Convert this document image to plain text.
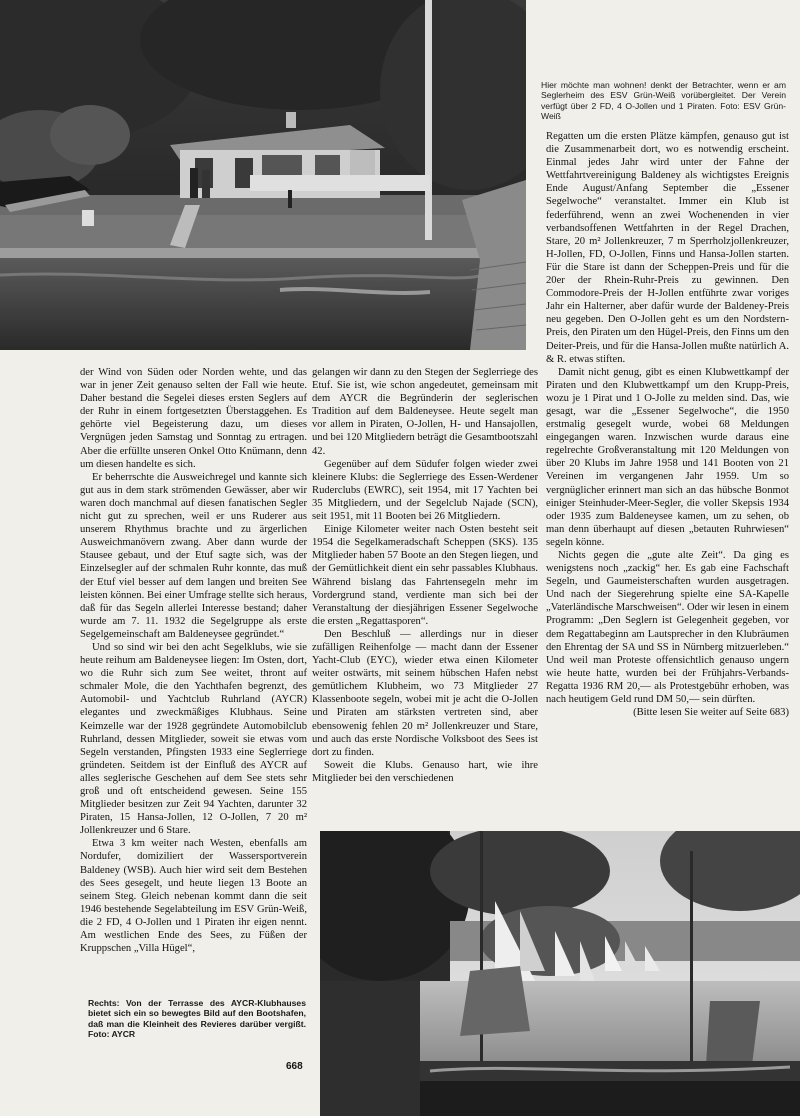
Hier möchte man wohnen! denkt der Betrachter, wenn er am Seglerheim des ESV Grün-Weiß vorübergleitet. Der Verein verfügt über 2 FD, 4 O-Jollen und 1 Piraten. Foto: ESV Grün-Weiß

der Wind von Süden oder Norden wehte, und das war in jener Zeit genauso selten der Fall wie heute. Daher bestand die Segelei dieses ersten Seglers auf der Ruhr in einem fortgesetzten Überstaggehen. Es gehörte viel Begeisterung dazu, um dieses Vergnügen jeden Samstag und Sonntag zu ertragen. Aber die erfüllte unseren Onkel Otto Knümann, denn um diesen handelte es sich.

Er beherrschte die Ausweichregel und kannte sich gut aus in dem stark strömenden Gewässer, aber wir waren doch manchmal auf diesen fanatischen Segler nicht gut zu sprechen, weil er uns Ruderer aus unserem Rhythmus brachte und zu ärgerlichen Ausweichmanövern zwang. Aber dann wurde der Stausee gebaut, und der Etuf sagte sich, was der Einzelsegler auf der schmalen Ruhr konnte, das muß der Etuf viel besser auf dem langen und breiten See leisten können. Bei einer Umfrage stellte sich heraus, daß für das Segeln allerlei Interesse bestand; daher wurde am 7. 11. 1932 die Segelgruppe als erste Segelgemeinschaft am Baldeneysee gegründet.“

Und so sind wir bei den acht Segelklubs, wie sie heute reihum am Baldeneysee liegen: Im Osten, dort, wo die Ruhr sich zum See weitet, thront auf schmaler Mole, die den Yachthafen begrenzt, des Automobil- und Yachtclub Ruhrland (AYCR) elegantes und zweckmäßiges Klubhaus. Seine Keimzelle war der 1928 gegründete Automobilclub Ruhrland, dessen Mitglieder, soweit sie etwas vom Segeln verstanden, Pfingsten 1933 eine Seglerriege gründeten. Seitdem ist der Einfluß des AYCR auf alles seglerische Geschehen auf dem See stets sehr groß und oft entscheidend gewesen. Seine 155 Mitglieder besitzen zur Zeit 94 Yachten, darunter 32 Piraten, 15 Hansa-Jollen, 12 O-Jollen, 7 20 m² Jollenkreuzer und 6 Stare.

Etwa 3 km weiter nach Westen, ebenfalls am Nordufer, domiziliert der Wassersportverein Baldeney (WSB). Auch hier wird seit dem Bestehen des Sees gesegelt, und heute liegen 13 Boote an seinem Steg. Gleich nebenan kommt dann die seit 1946 bestehende Segelabteilung im ESV Grün-Weiß, die 2 FD, 4 O-Jollen und 1 Piraten ihr eigen nennt. Am westlichen Ende des Sees, zu Füßen der Kruppschen „Villa Hügel“,

gelangen wir dann zu den Stegen der Seglerriege des Etuf. Sie ist, wie schon angedeutet, gemeinsam mit dem AYCR die Begründerin der seglerischen Tradition auf dem Baldeneysee. Heute segelt man vor allem in Piraten, O-Jollen, H- und Hansajollen, und bei 120 Mitgliedern beträgt die Gesamtbootszahl 42.

Gegenüber auf dem Südufer folgen wieder zwei kleinere Klubs: die Seglerriege des Essen-Werdener Ruderclubs (EWRC), seit 1954, mit 17 Yachten bei 35 Mitgliedern, und der Segelclub Najade (SCN), seit 1951, mit 11 Booten bei 26 Mitgliedern.

Einige Kilometer weiter nach Osten besteht seit 1954 die Segelkameradschaft Scheppen (SKS). 135 Mitglieder haben 57 Boote an den Stegen liegen, und der Gemütlichkeit dient ein sehr passables Klubhaus. Während bislang das Fahrtensegeln mehr im Vordergrund stand, verdiente man sich bei der Veranstaltung der diesjährigen Essener Segelwoche die ersten „Regattasporen“.

Den Beschluß — allerdings nur in dieser zufälligen Reihenfolge — macht dann der Essener Yacht-Club (EYC), wieder etwa einen Kilometer weiter ostwärts, mit seinem hübschen Hafen nebst gemütlichem Klubheim, wo 73 Mitglieder 27 Klassenboote segeln, wobei mit je acht die O-Jollen und Piraten am stärksten vertreten sind, aber ebensowenig fehlen 20 m² Jollenkreuzer und Stare, und auch das erste Nordische Volksboot des Sees ist dort zu finden.

Soweit die Klubs. Genauso hart, wie ihre Mitglieder bei den verschiedenen

Regatten um die ersten Plätze kämpfen, genauso gut ist die Zusammenarbeit dort, wo es notwendig erscheint. Einmal jedes Jahr wird unter der Fahne der Wettfahrtvereinigung Baldeney als wichtigstes Ereignis Ende August/Anfang September die „Essener Segelwoche“ veranstaltet. Immer ein Klub ist federführend, wenn an zwei Wochenenden in vier verbandsoffenen Wettfahrten in der Regel Drachen, Stare, 20 m² Jollenkreuzer, 7 m Sperrholzjollenkreuzer, H-Jollen, FD, O-Jollen, Finns und Hansa-Jollen starten. Für die Stare ist dann der Scheppen-Preis und für die 20er der Rhein-Ruhr-Preis zu gewinnen. Den Commodore-Preis der H-Jollen entführte zwar voriges Jahr ein Halterner, aber dafür wurde der Baldeney-Preis neu gegeben. Den O-Jollen geht es um den Nordstern-Preis, den Piraten um den Hügel-Preis, den Finns um den Deiter-Preis, und für die Hansa-Jollen mußte natürlich A. & R. etwas stiften.

Damit nicht genug, gibt es einen Klubwettkampf der Piraten und den Klubwettkampf um den Krupp-Preis, wozu je 1 Pirat und 1 O-Jolle zu melden sind. Das, wie gesagt, war die „Essener Segelwoche“, die 1950 erstmalig gesegelt wurde, wobei 68 Meldungen eingegangen waren. Inzwischen wurde daraus eine regelrechte Großveranstaltung mit 120 Meldungen von über 20 Klubs im Jahre 1958 und 141 Booten von 21 Vereinen im vergangenen Jahr 1959. Um so vergnüglicher erinnert man sich an das hübsche Bonmot einiger Steinhuder-Meer-Segler, die voller Skepsis 1934 oder 1935 zum Baldeneysee kamen, um zu sehen, ob man denn überhaupt auf diesen „betauten Ruhrwiesen“ segeln könne.

Nichts gegen die „gute alte Zeit“. Da ging es wenigstens noch „zackig“ her. Es gab eine Fachschaft Segeln, und Gaumeisterschaften wurden ausgetragen. Und nach der Siegerehrung spielte eine SA-Kapelle „Vaterländische Marschweisen“. Oder wir lesen in einem Programm: „Den Seglern ist Gelegenheit gegeben, vor dem Regattabeginn am Lautsprecher in den Klubräumen den Ehrentag der SA und SS in Nürnberg mitzuerleben.“ Und weil man Proteste offensichtlich genauso ungern wie heute hatte, wurden bei der Frühjahrs-Verbands-Regatta 1936 RM 20,— als Protestgebühr erhoben, was nach heutigem Geld rund DM 50,— sein dürften.

(Bitte lesen Sie weiter auf Seite 683)

Rechts: Von der Terrasse des AYCR-Klubhauses bietet sich ein so bewegtes Bild auf den Bootshafen, daß man die Kleinheit des Revieres darüber vergißt. Foto: AYCR
668
